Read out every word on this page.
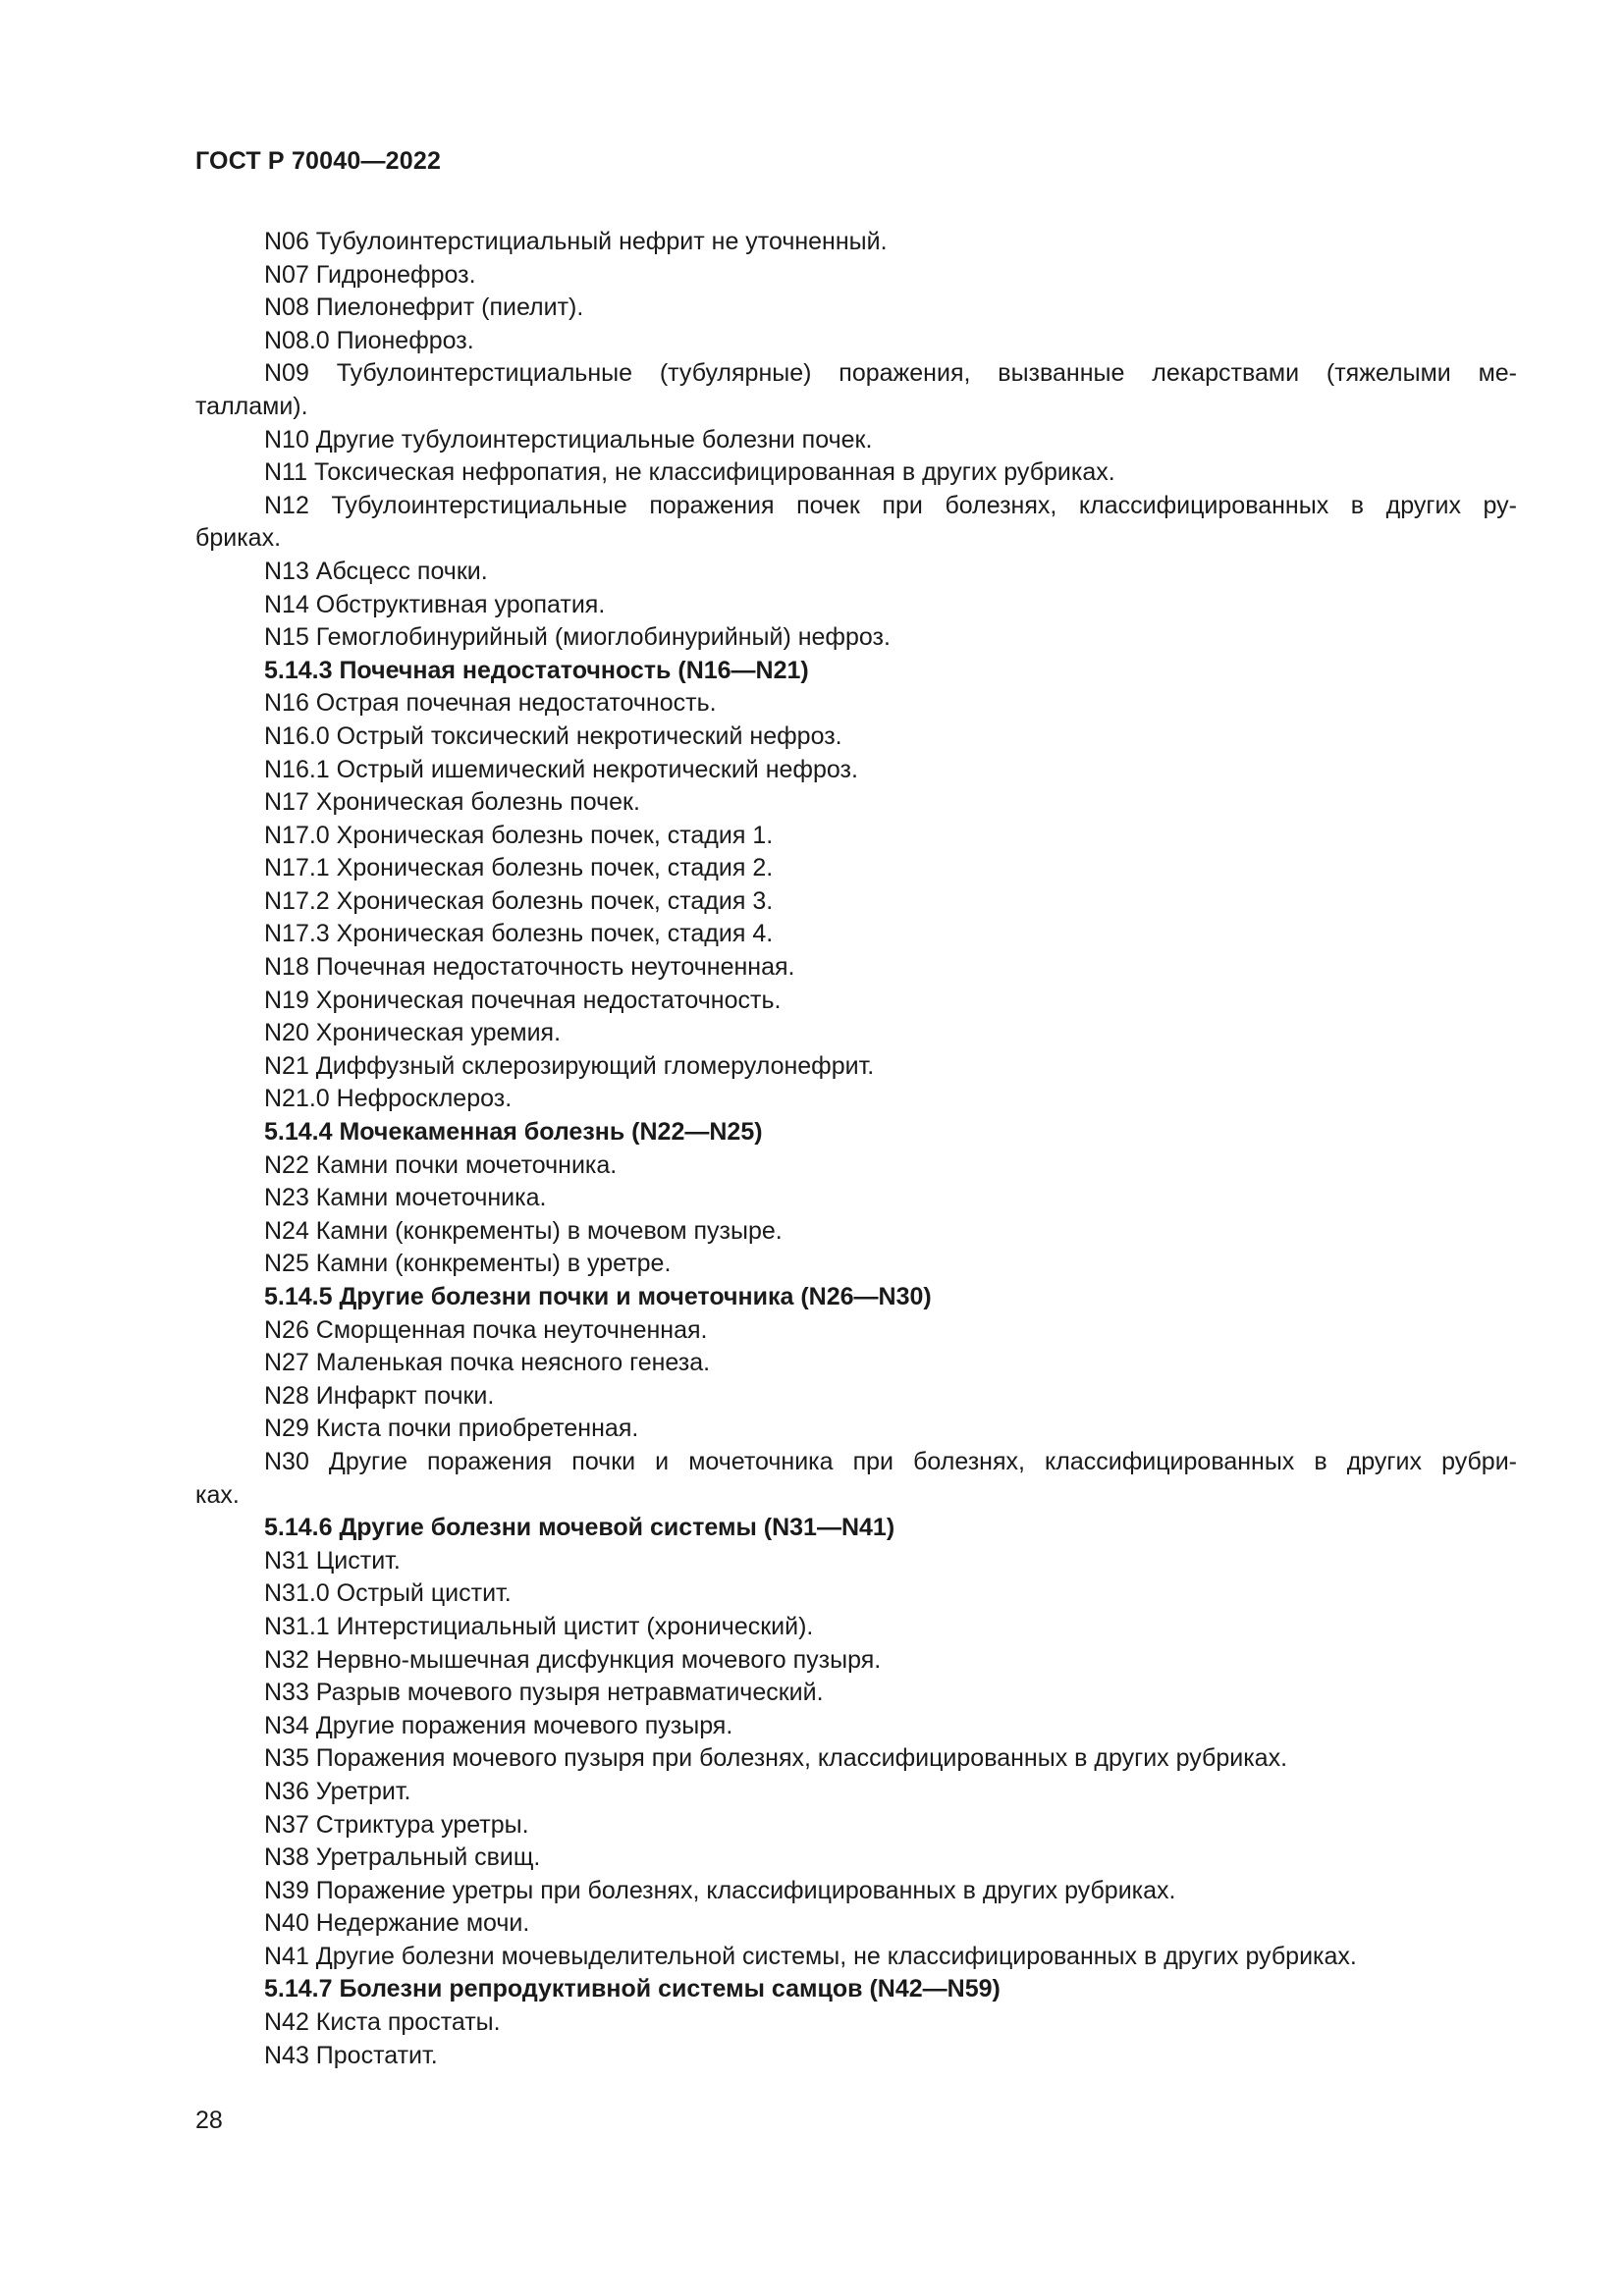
ГОСТ Р 70040—2022
N06 Тубулоинтерстициальный нефрит не уточненный.
N07 Гидронефроз.
N08 Пиелонефрит (пиелит).
N08.0 Пионефроз.
N09 Тубулоинтерстициальные (тубулярные) поражения, вызванные лекарствами (тяжелыми ме-
таллами).
N10 Другие тубулоинтерстициальные болезни почек.
N11 Токсическая нефропатия, не классифицированная в других рубриках.
N12 Тубулоинтерстициальные поражения почек при болезнях, классифицированных в других ру-
бриках.
N13 Абсцесс почки.
N14 Обструктивная уропатия.
N15 Гемоглобинурийный (миоглобинурийный) нефроз.
5.14.3 Почечная недостаточность (N16—N21)
N16 Острая почечная недостаточность.
N16.0 Острый токсический некротический нефроз.
N16.1 Острый ишемический некротический нефроз.
N17 Хроническая болезнь почек.
N17.0 Хроническая болезнь почек, стадия 1.
N17.1 Хроническая болезнь почек, стадия 2.
N17.2 Хроническая болезнь почек, стадия 3.
N17.3 Хроническая болезнь почек, стадия 4.
N18 Почечная недостаточность неуточненная.
N19 Хроническая почечная недостаточность.
N20 Хроническая уремия.
N21 Диффузный склерозирующий гломерулонефрит.
N21.0 Нефросклероз.
5.14.4 Мочекаменная болезнь (N22—N25)
N22 Камни почки мочеточника.
N23 Камни мочеточника.
N24 Камни (конкременты) в мочевом пузыре.
N25 Камни (конкременты) в уретре.
5.14.5 Другие болезни почки и мочеточника (N26—N30)
N26 Сморщенная почка неуточненная.
N27 Маленькая почка неясного генеза.
N28 Инфаркт почки.
N29 Киста почки приобретенная.
N30 Другие поражения почки и мочеточника при болезнях, классифицированных в других рубри-
ках.
5.14.6 Другие болезни мочевой системы (N31—N41)
N31 Цистит.
N31.0 Острый цистит.
N31.1 Интерстициальный цистит (хронический).
N32 Нервно-мышечная дисфункция мочевого пузыря.
N33 Разрыв мочевого пузыря нетравматический.
N34 Другие поражения мочевого пузыря.
N35 Поражения мочевого пузыря при болезнях, классифицированных в других рубриках.
N36 Уретрит.
N37 Стриктура уретры.
N38 Уретральный свищ.
N39 Поражение уретры при болезнях, классифицированных в других рубриках.
N40 Недержание мочи.
N41 Другие болезни мочевыделительной системы, не классифицированных в других рубриках.
5.14.7 Болезни репродуктивной системы самцов (N42—N59)
N42 Киста простаты.
N43 Простатит.
28
